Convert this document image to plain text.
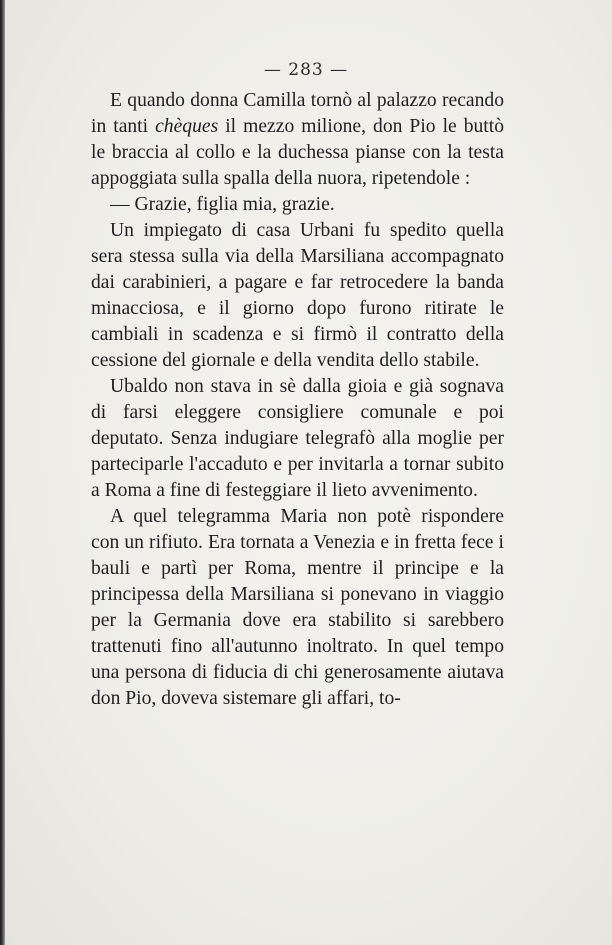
— 283 —

E quando donna Camilla tornò al palazzo recando in tanti chèques il mezzo milione, don Pio le buttò le braccia al collo e la duchessa pianse con la testa appoggiata sulla spalla della nuora, ripetendole :

— Grazie, figlia mia, grazie.

Un impiegato di casa Urbani fu spedito quella sera stessa sulla via della Marsiliana accompagnato dai carabinieri, a pagare e far retrocedere la banda minacciosa, e il giorno dopo furono ritirate le cambiali in scadenza e si firmò il contratto della cessione del giornale e della vendita dello stabile.

Ubaldo non stava in sè dalla gioia e già sognava di farsi eleggere consigliere comunale e poi deputato. Senza indugiare telegrafò alla moglie per parteciparle l'accaduto e per invitarla a tornar subito a Roma a fine di festeggiare il lieto avvenimento.

A quel telegramma Maria non potè rispondere con un rifiuto. Era tornata a Venezia e in fretta fece i bauli e partì per Roma, mentre il principe e la principessa della Marsiliana si ponevano in viaggio per la Germania dove era stabilito si sarebbero trattenuti fino all'autunno inoltrato. In quel tempo una persona di fiducia di chi generosamente aiutava don Pio, doveva sistemare gli affari, to-
